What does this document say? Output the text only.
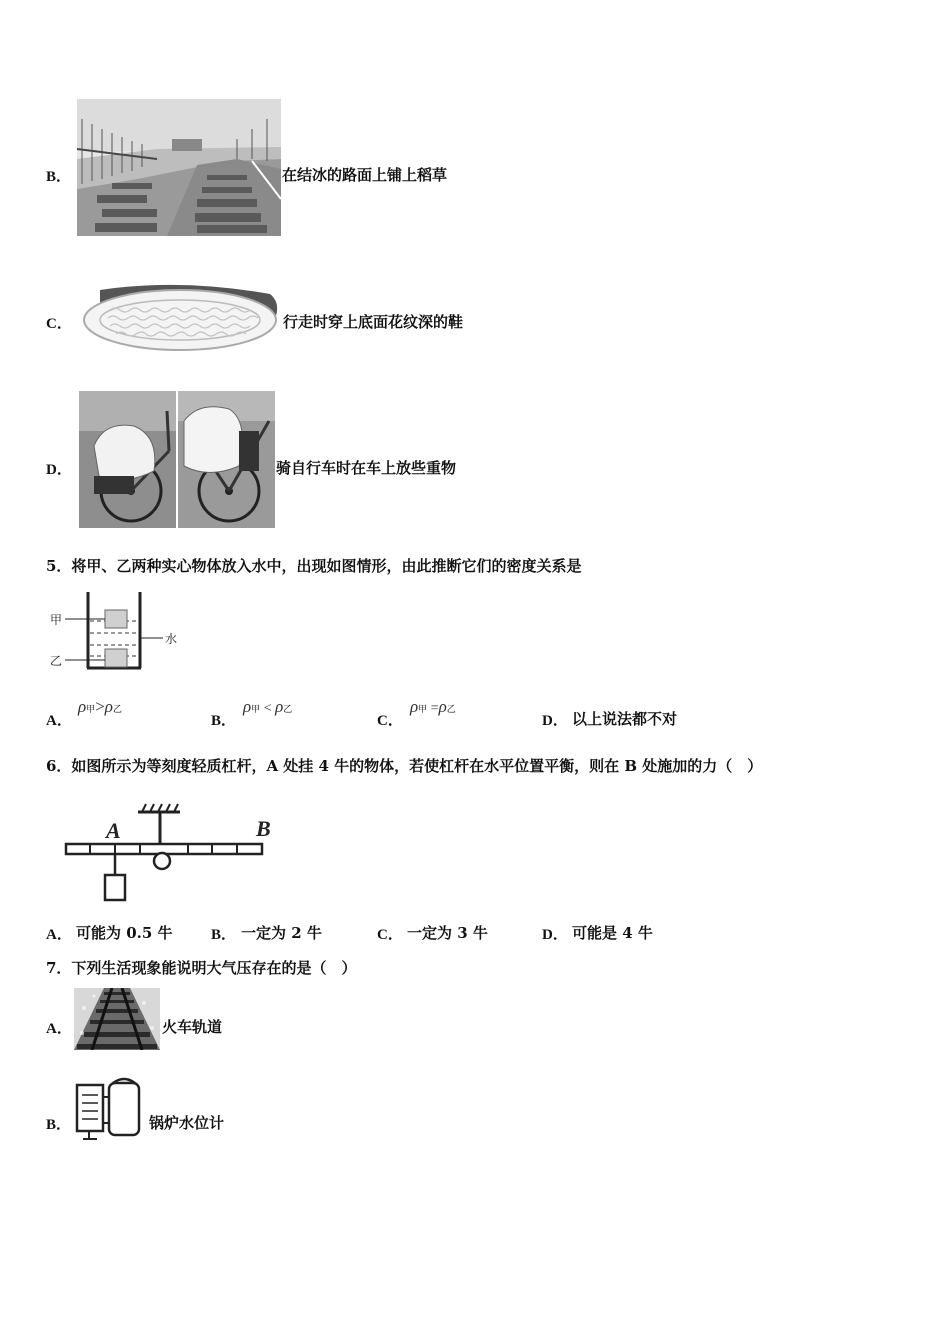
B．	在结冰的路面上铺上稻草
C．	行走时穿上底面花纹深的鞋
D．	骑自行车时在车上放些重物
5．将甲、乙两种实心物体放入水中，出现如图情形，由此推断它们的密度关系是
甲
乙
水
A．
ρ甲>ρ乙
B．
ρ甲 < ρ乙
C．
ρ甲 =ρ乙
D． 以上说法都不对
6．如图所示为等刻度轻质杠杆，A 处挂 4 牛的物体，若使杠杆在水平位置平衡，则在 B 处施加的力（　）
A	B
A． 可能为 0.5 牛	B． 一定为 2 牛	C． 一定为 3 牛	D． 可能是 4 牛
7．下列生活现象能说明大气压存在的是（　）
A．	火车轨道
B．	锅炉水位计
